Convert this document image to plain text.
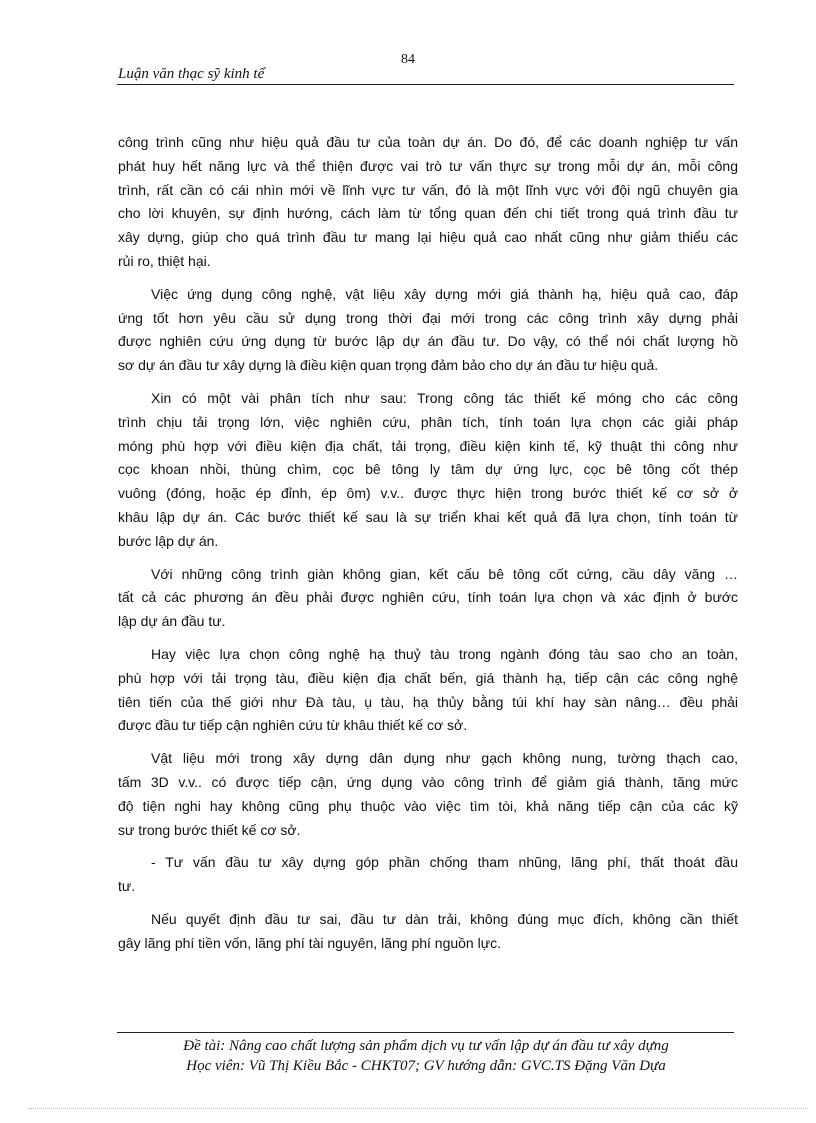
84
Luận văn thạc sỹ kinh tế
công trình cũng như hiệu quả đầu tư của toàn dự án. Do đó, để các doanh nghiệp tư vấn
phát huy hết năng lực và thể thiện được vai trò tư vấn thực sự trong mỗi dự án, mỗi công
trình, rất cần có cái nhìn mới về lĩnh vực tư vấn, đó là một lĩnh vực với đội ngũ chuyên gia
cho lời khuyên, sự định hướng, cách làm từ tổng quan đến chi tiết trong quá trình đầu tư
xây dựng, giúp cho quá trình đầu tư mang lại hiệu quả cao nhất cũng như giảm thiểu các
rủi ro, thiệt hại.
Việc ứng dụng công nghệ, vật liệu xây dựng mới giá thành hạ, hiệu quả cao, đáp
ứng tốt hơn yêu cầu sử dụng trong thời đại mới trong các công trình xây dựng phải
được nghiên cứu ứng dụng từ bước lập dự án đầu tư. Do vậy, có thể nói chất lượng hồ
sơ dự án đầu tư xây dựng là điều kiện quan trọng đảm bảo cho dự án đầu tư hiệu quả.
Xin có một vài phân tích như sau: Trong công tác thiết kế móng cho các công
trình chịu tải trọng lớn, việc nghiên cứu, phân tích, tính toán lựa chọn các giải pháp
móng phù hợp với điều kiện địa chất, tải trọng, điều kiện kinh tế, kỹ thuật thi công như
cọc khoan nhồi, thùng chìm, cọc bê tông ly tâm dự ứng lực, cọc bê tông cốt thép
vuông (đóng, hoặc ép đỉnh, ép ôm) v.v.. được thực hiện trong bước thiết kế cơ sở ở
khâu lập dự án. Các bước thiết kế sau là sự triển khai kết quả đã lựa chọn, tính toán từ
bước lập dự án.
Với những công trình giàn không gian, kết cấu bê tông cốt cứng, cầu dây văng …
tất cả các phương án đều phải được nghiên cứu, tính toán lựa chọn và xác định ở bước
lập dự án đầu tư.
Hay việc lựa chọn công nghệ hạ thuỷ tàu trong ngành đóng tàu sao cho an toàn,
phù hợp với tải trọng tàu, điều kiện địa chất bến, giá thành hạ, tiếp cận các công nghệ
tiên tiến của thế giới như Đà tàu, ụ tàu, hạ thủy bằng túi khí hay sàn nâng… đều phải
được đầu tư tiếp cận nghiên cứu từ khâu thiết kế cơ sở.
Vật liệu mới trong xây dựng dân dụng như gạch không nung, tường thạch cao,
tấm 3D v.v.. có được tiếp cận, ứng dụng vào công trình để giảm giá thành, tăng mức
độ tiện nghi hay không cũng phụ thuộc vào việc tìm tòi, khả năng tiếp cận của các kỹ
sư trong bước thiết kế cơ sở.
- Tư vấn đầu tư xây dựng góp phần chống tham nhũng, lãng phí, thất thoát đầu
tư.
Nếu quyết định đầu tư sai, đầu tư dàn trải, không đúng mục đích, không cần thiết
gây lãng phí tiền vốn, lãng phí tài nguyên, lãng phí nguồn lực.
Đề tài: Nâng cao chất lượng sản phẩm dịch vụ tư vấn lập dự án đầu tư xây dựng
Học viên: Vũ Thị Kiều Bắc - CHKT07; GV hướng dẫn: GVC.TS Đặng Văn Dựa
